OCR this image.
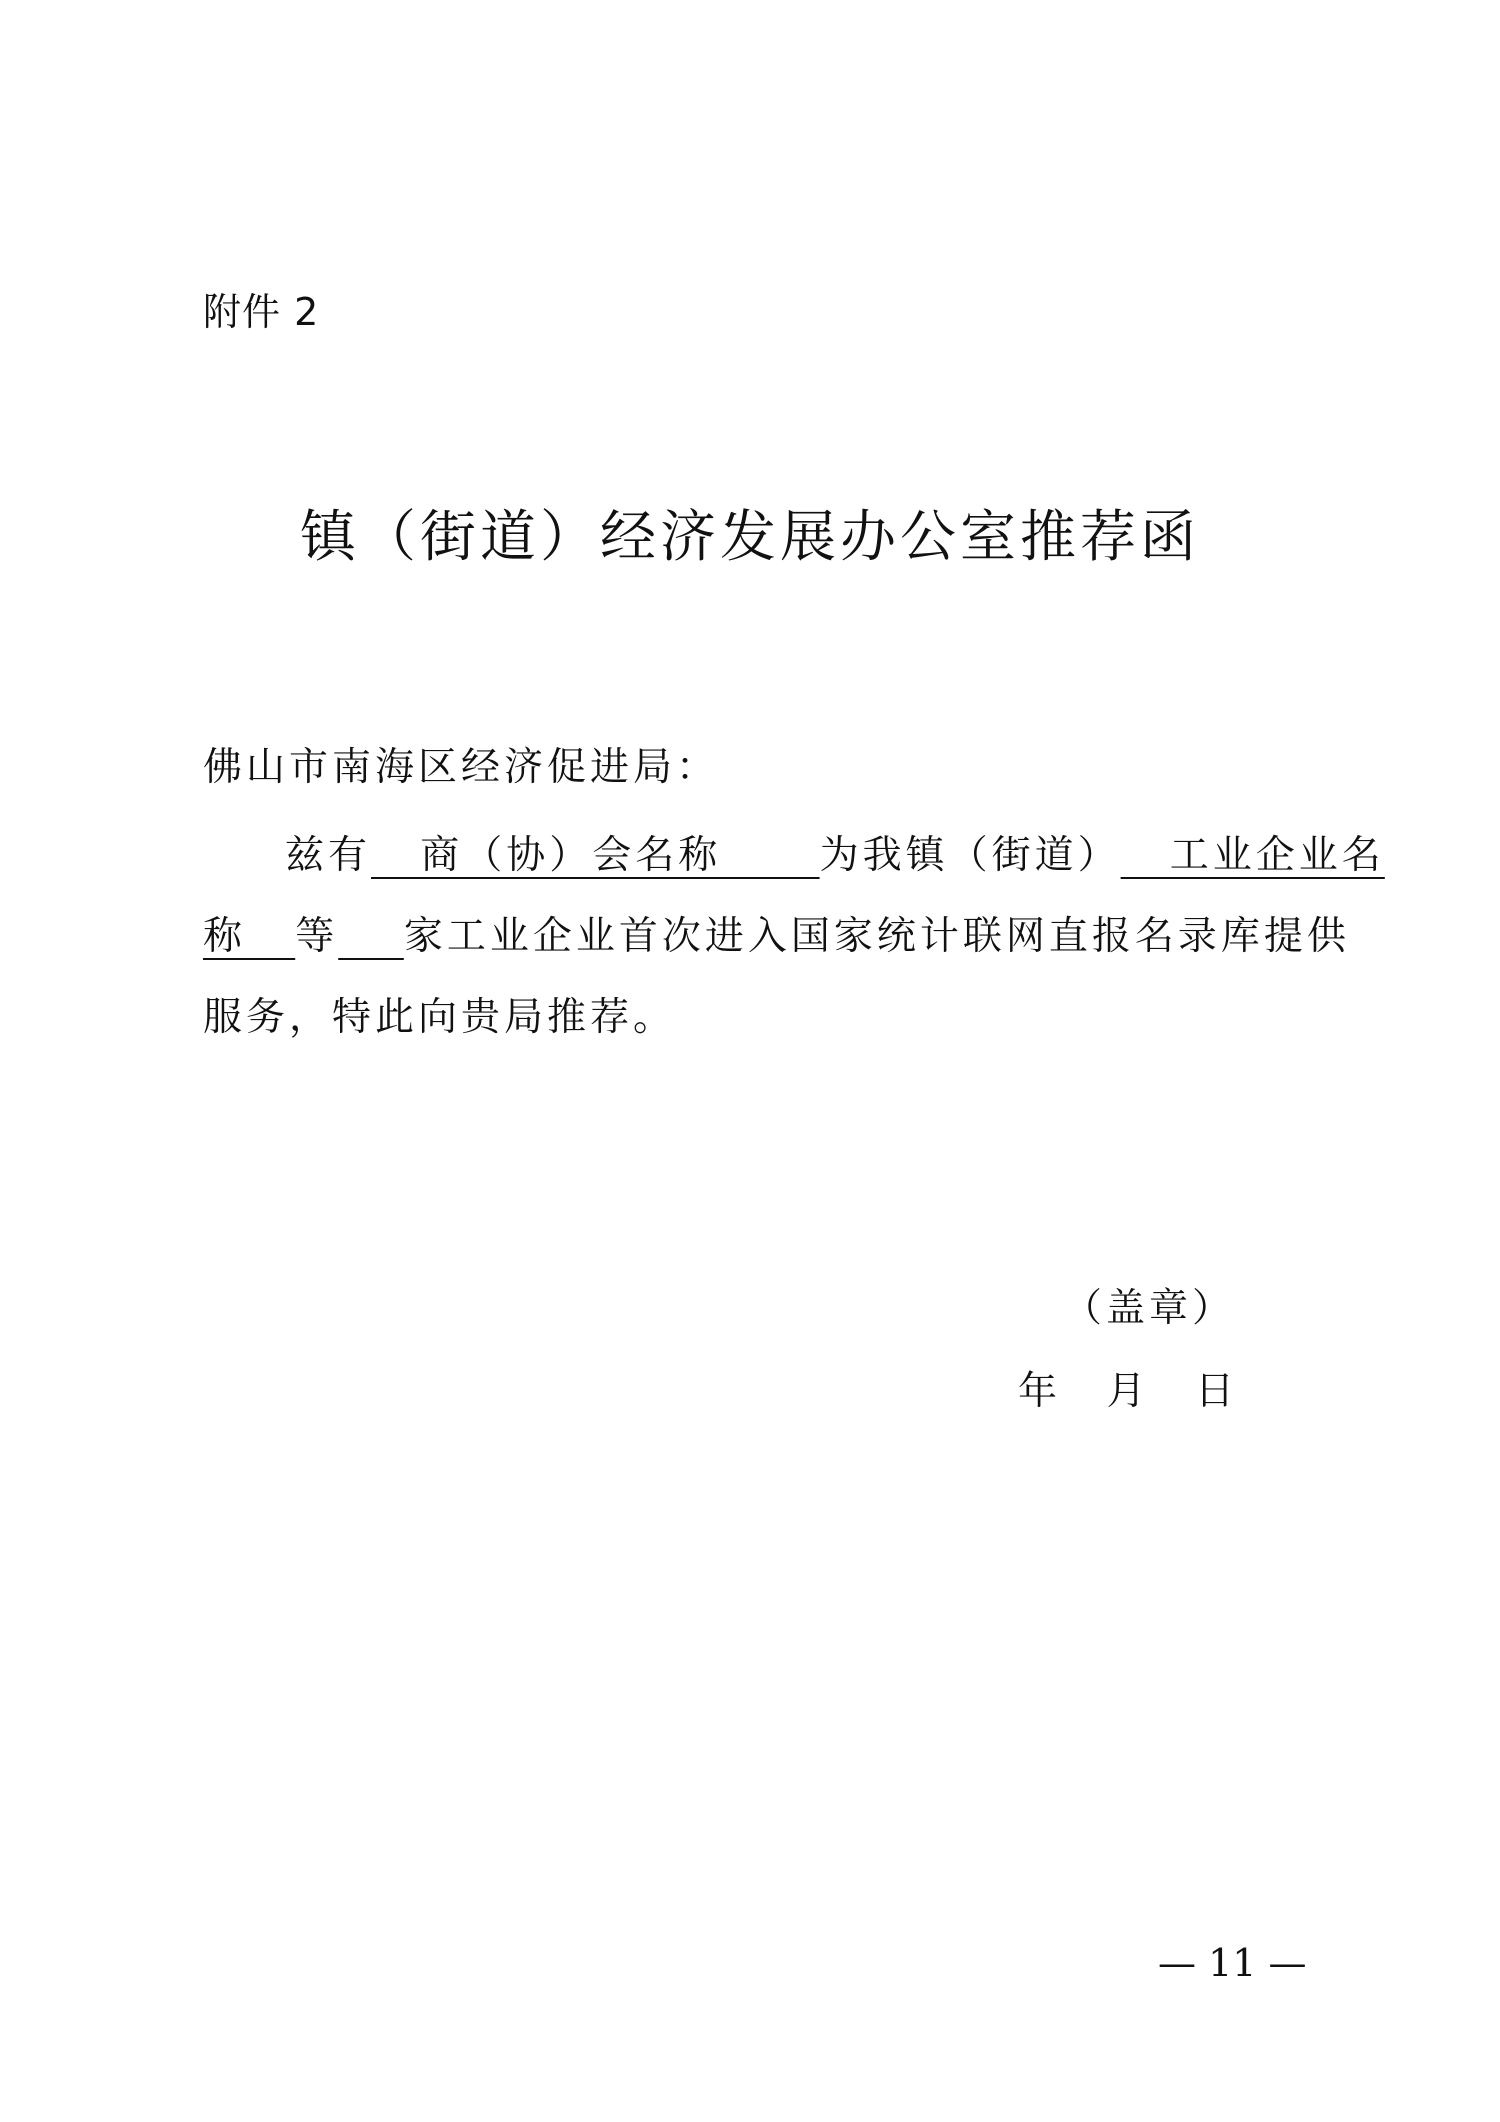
附件 2
镇（街道）经济发展办公室推荐函
佛山市南海区经济促进局：
兹有   商（协）会名称      为我镇（街道）   工业企业名
称   等 家工业企业首次进入国家统计联网直报名录库提供
服务，特此向贵局推荐。
（盖章）
年    月    日
— 11 —
